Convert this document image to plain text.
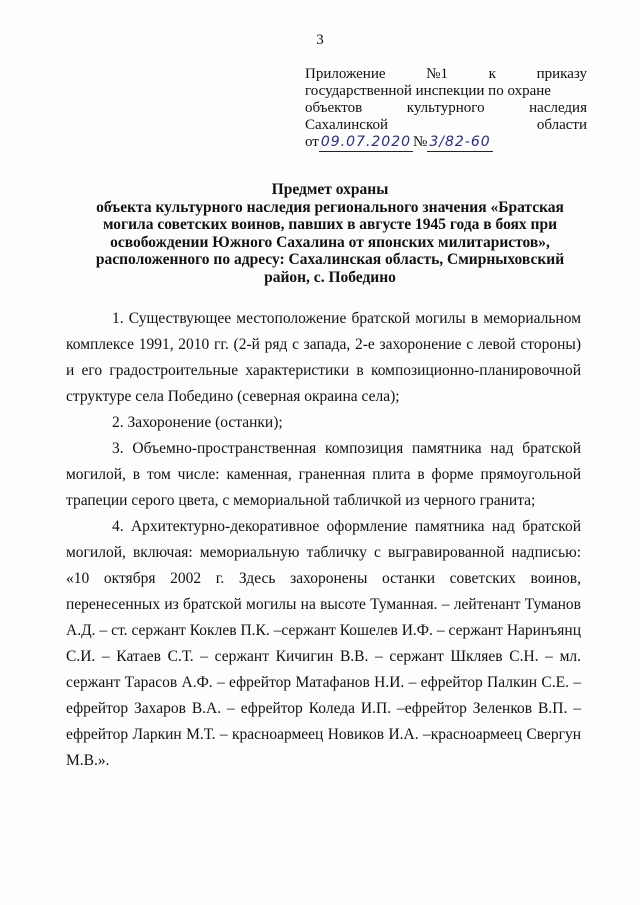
3
Приложение	№1	к	приказу
государственной инспекции по охране
объектов	культурного	наследия
Сахалинской	области
от 09.07.2020 № 3/82-60
Предмет охраны
объекта культурного наследия регионального значения «Братская
могила советских воинов, павших в августе 1945 года в боях при
освобождении Южного Сахалина от японских милитаристов»,
расположенного по адресу: Сахалинская область, Смирныховский
район, с. Победино
1. Существующее местоположение братской могилы в мемориальном
комплексе 1991, 2010 гг. (2-й ряд с запада, 2-е захоронение с левой стороны)
и его градостроительные характеристики в композиционно-планировочной
структуре села Победино (северная окраина села);
2. Захоронение (останки);
3. Объемно-пространственная композиция памятника над братской
могилой, в том числе: каменная, граненная плита в форме прямоугольной
трапеции серого цвета, с мемориальной табличкой из черного гранита;
4. Архитектурно-декоративное оформление памятника над братской
могилой, включая: мемориальную табличку с выгравированной надписью:
«10 октября 2002 г. Здесь захоронены останки советских воинов,
перенесенных из братской могилы на высоте Туманная. – лейтенант Туманов
А.Д. – ст. сержант Коклев П.К. –сержант Кошелев И.Ф. – сержант Наринъянц
С.И. – Катаев С.Т. – сержант Кичигин В.В. – сержант Шкляев С.Н. – мл.
сержант Тарасов А.Ф. – ефрейтор Матафанов Н.И. – ефрейтор Палкин С.Е. –
ефрейтор Захаров В.А. – ефрейтор Коледа И.П. –ефрейтор Зеленков В.П. –
ефрейтор Ларкин М.Т. – красноармеец Новиков И.А. –красноармеец Свергун
М.В.».
